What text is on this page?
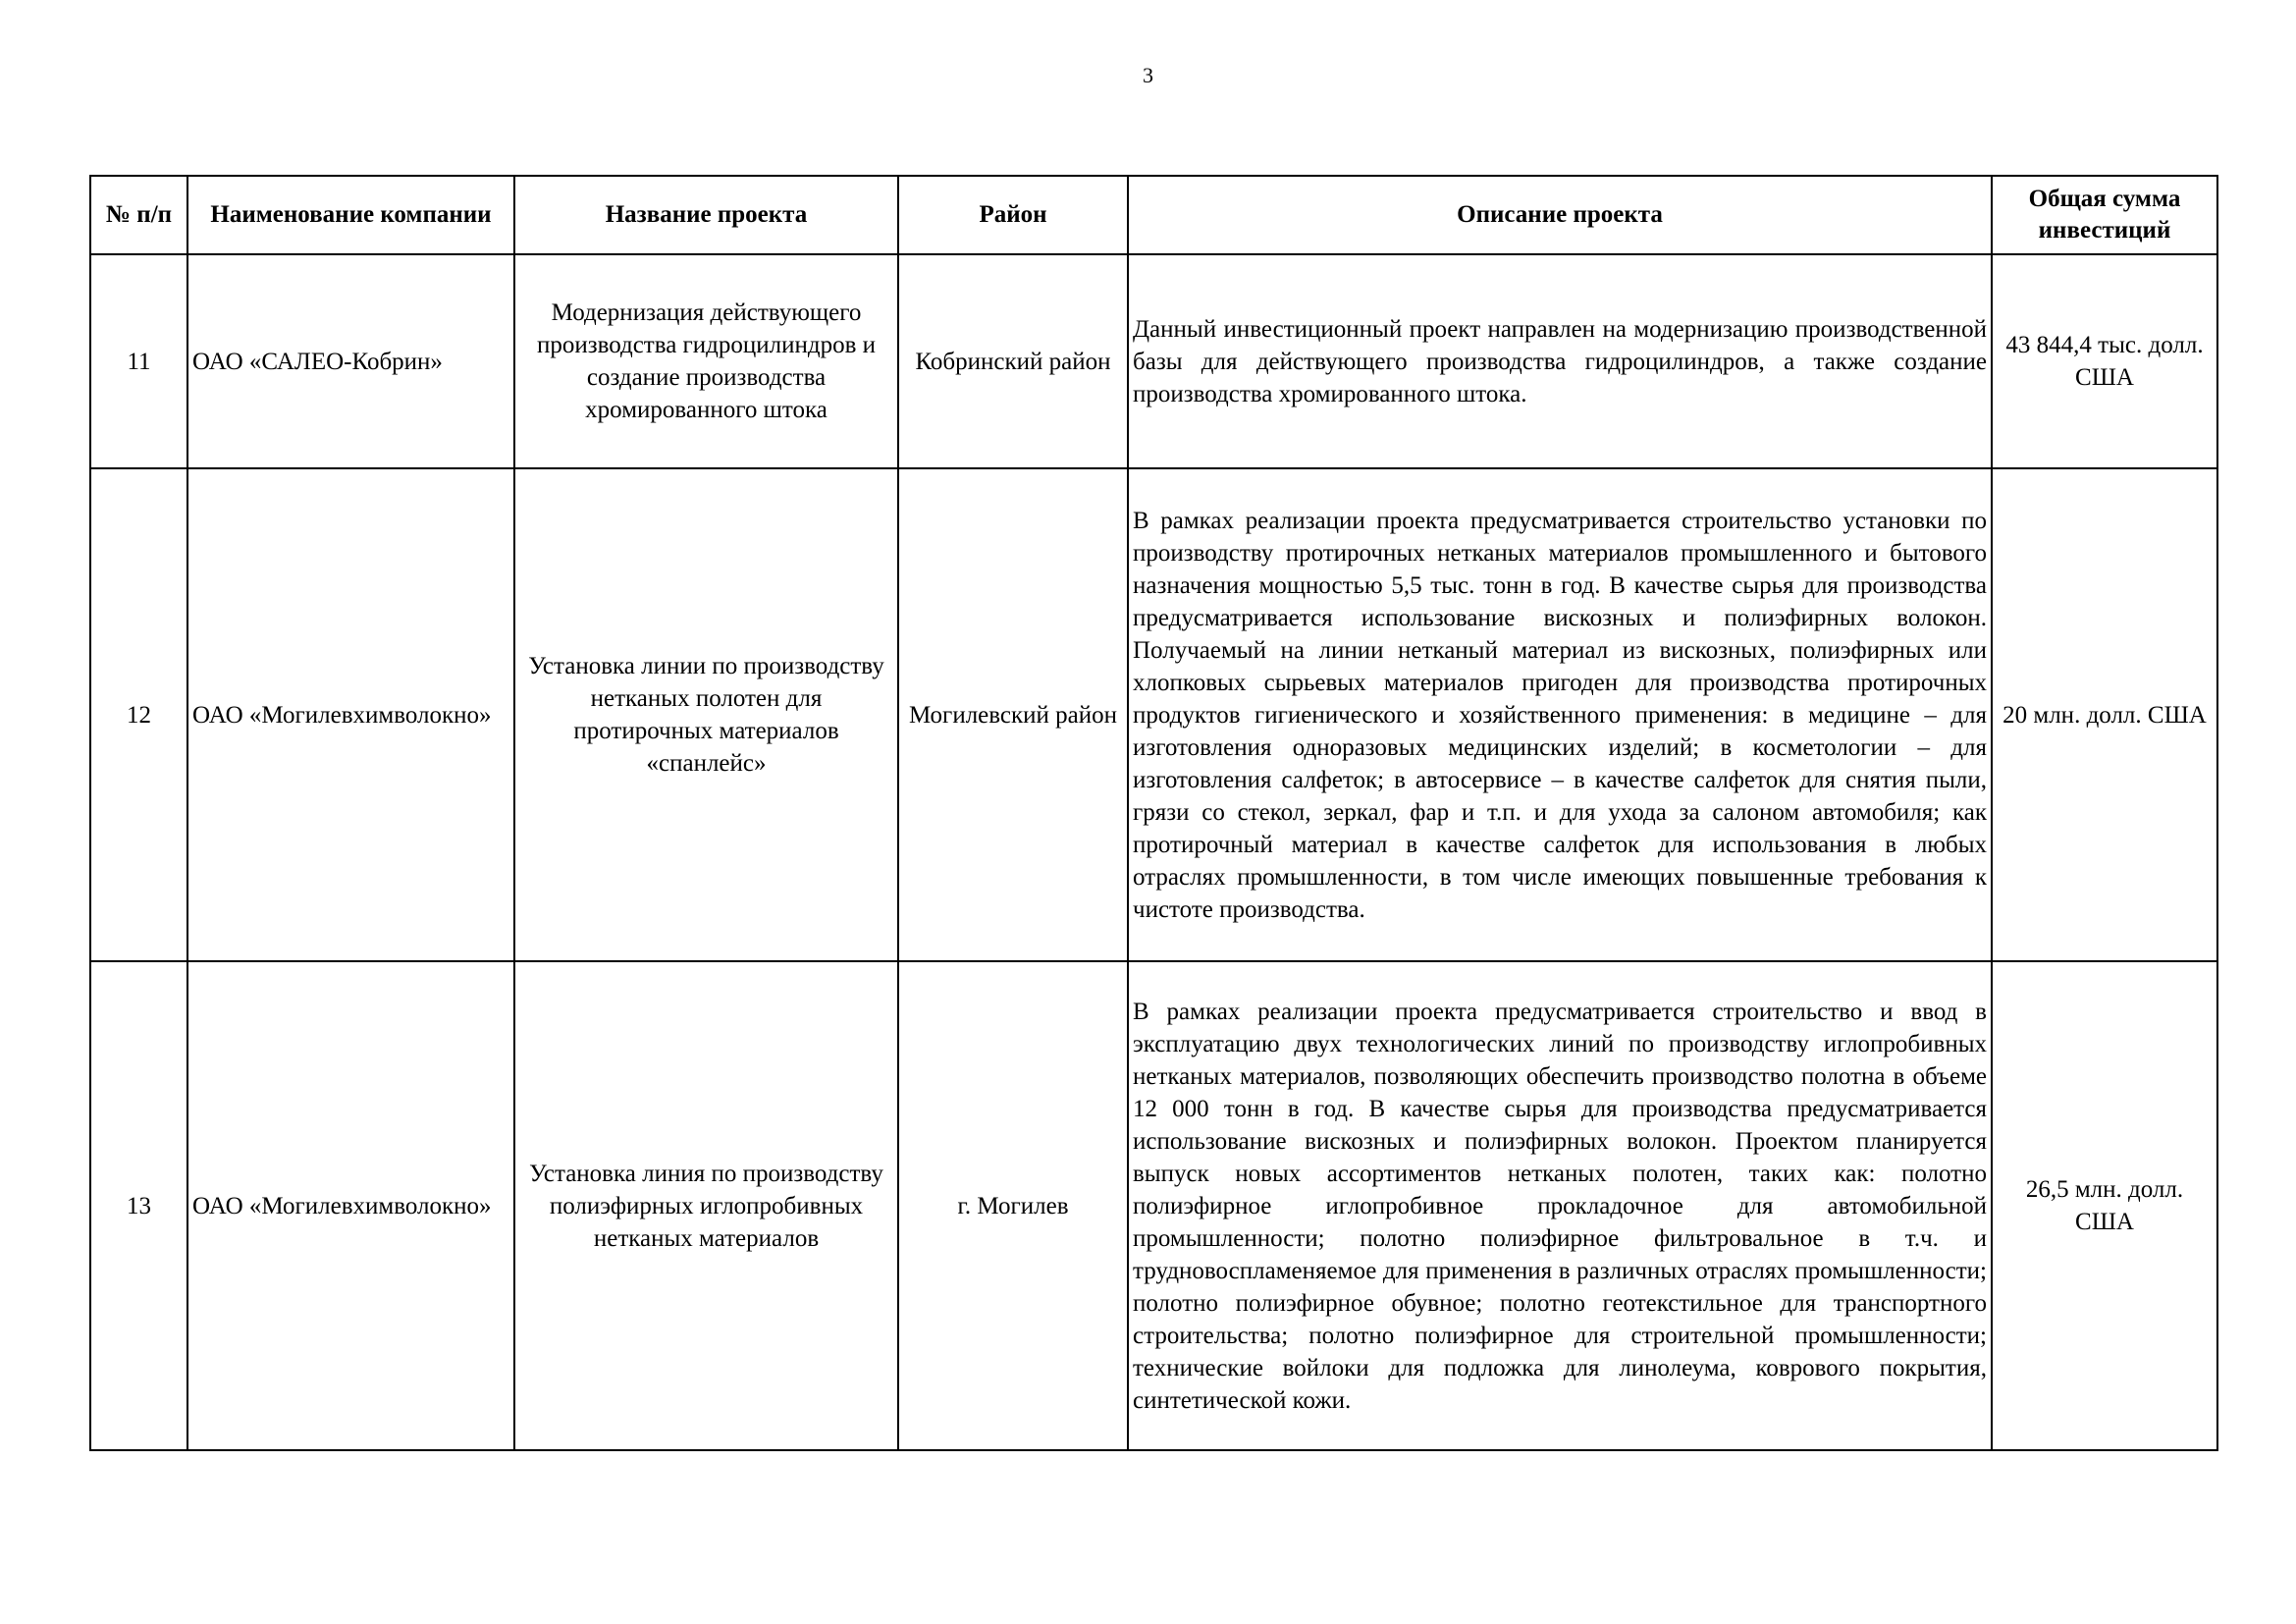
3
№ п/п	Наименование компании	Название проекта	Район	Описание проекта	Общая сумма инвестиций
11	ОАО «САЛЕО-Кобрин»	Модернизация действующего производства гидроцилиндров и создание производства хромированного штока	Кобринский район	Данный инвестиционный проект направлен на модернизацию производственной базы для действующего производства гидроцилиндров, а также создание производства хромированного штока.	43 844,4 тыс. долл. США
12	ОАО «Могилевхимволокно»	Установка линии по производству нетканых полотен для протирочных материалов «спанлейс»	Могилевский район	В рамках реализации проекта предусматривается строительство установки по производству протирочных нетканых материалов промышленного и бытового назначения мощностью 5,5 тыс. тонн в год. В качестве сырья для производства предусматривается использование вискозных и полиэфирных волокон. Получаемый на линии нетканый материал из вискозных, полиэфирных или хлопковых сырьевых материалов пригоден для производства протирочных продуктов гигиенического и хозяйственного применения: в медицине – для изготовления одноразовых медицинских изделий; в косметологии – для изготовления салфеток; в автосервисе – в качестве салфеток для снятия пыли, грязи со стекол, зеркал, фар и т.п. и для ухода за салоном автомобиля; как протирочный материал в качестве салфеток для использования в любых отраслях промышленности, в том числе имеющих повышенные требования к чистоте производства.	20 млн. долл. США
13	ОАО «Могилевхимволокно»	Установка линия по производству полиэфирных иглопробивных нетканых материалов	г. Могилев	В рамках реализации проекта предусматривается строительство и ввод в эксплуатацию двух технологических линий по производству иглопробивных нетканых материалов, позволяющих обеспечить производство полотна в объеме 12 000 тонн в год. В качестве сырья для производства предусматривается использование вискозных и полиэфирных волокон. Проектом планируется выпуск новых ассортиментов нетканых полотен, таких как: полотно полиэфирное иглопробивное прокладочное для автомобильной промышленности; полотно полиэфирное фильтровальное в т.ч. и трудновоспламеняемое для применения в различных отраслях промышленности; полотно полиэфирное обувное; полотно геотекстильное для транспортного строительства; полотно полиэфирное для строительной промышленности; технические войлоки для подложка для линолеума, коврового покрытия, синтетической кожи.	26,5 млн. долл. США
